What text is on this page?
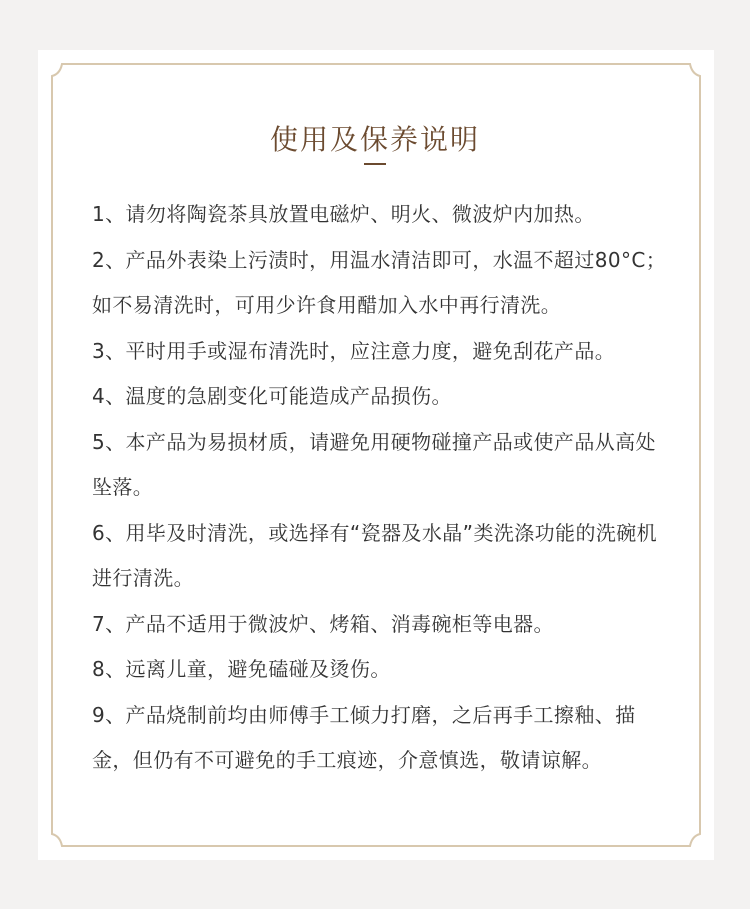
使用及保养说明

1、请勿将陶瓷茶具放置电磁炉、明火、微波炉内加热。

2、产品外表染上污渍时，用温水清洁即可，水温不超过80°C；如不易清洗时，可用少许食用醋加入水中再行清洗。

3、平时用手或湿布清洗时，应注意力度，避免刮花产品。

4、温度的急剧变化可能造成产品损伤。

5、本产品为易损材质，请避免用硬物碰撞产品或使产品从高处坠落。

6、用毕及时清洗，或选择有“瓷器及水晶”类洗涤功能的洗碗机进行清洗。

7、产品不适用于微波炉、烤箱、消毒碗柜等电器。

8、远离儿童，避免磕碰及烫伤。

9、产品烧制前均由师傅手工倾力打磨，之后再手工擦釉、描金，但仍有不可避免的手工痕迹，介意慎选，敬请谅解。
